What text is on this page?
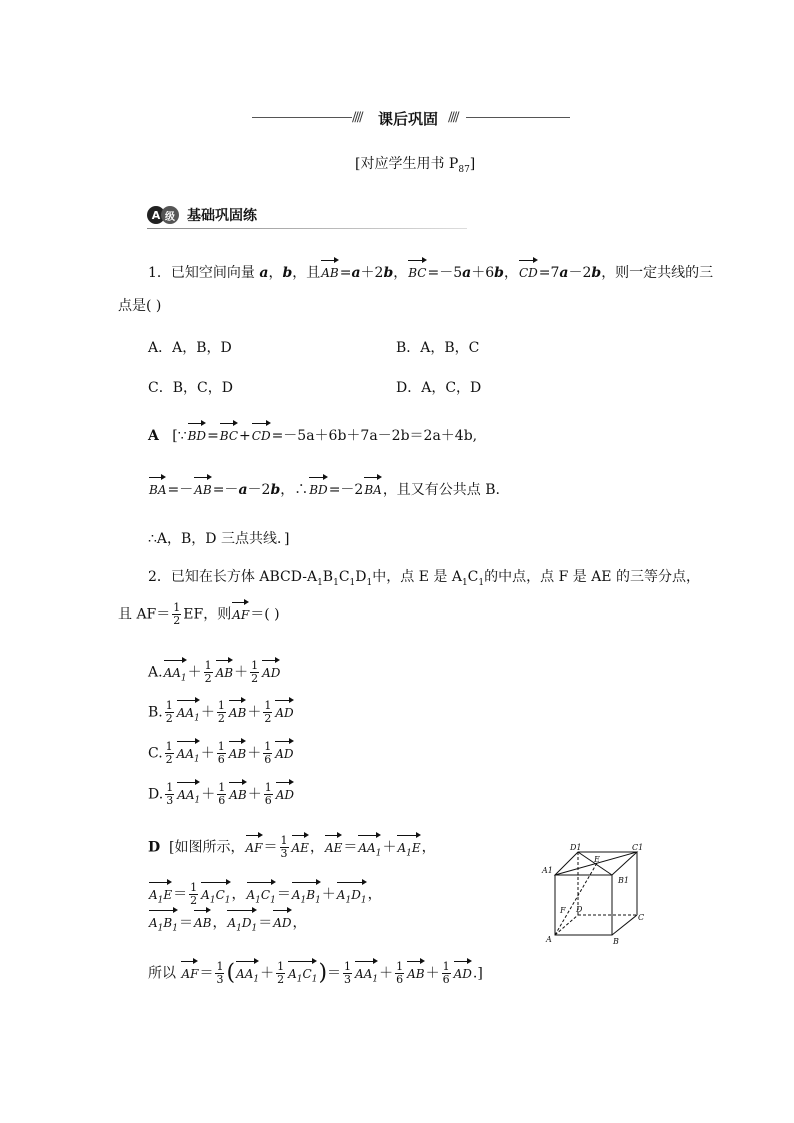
//// 课后巩固 ////
[对应学生用书 $P_{87}$]
A 级 基础巩固练
1．已知空间向量 a，b，且AB=a＋2b，BC=－5a＋6b，CD=7a－2b，则一定共线的三
点是( )
A．A，B，D	B．A，B，C
C．B，C，D	D．A，C，D
A   [∵BD=BC+CD=－5a＋6b＋7a－2b＝2a＋4b,
BA=－AB=－a－2b，∴BD=－2BA，且又有公共点 B.
∴A，B，D 三点共线．]
2．已知在长方体 ABCD-$A_1B_1C_1D_1$中，点 E 是 $A_1C_1$的中点，点 F 是 AE 的三等分点，
且 $AF= \frac{1}{2}$ EF，则AF＝( )
$A.AA_1+ \frac{1}{2} AB+ \frac{1}{2}$ AD
B. $\frac{1}{2} AA_1+ \frac{1}{2} AB+ \frac{1}{2}$ AD
C. $\frac{1}{2} AA_1+ \frac{1}{6} AB+ \frac{1}{6}$ AD
D. $\frac{1}{3} AA_1+ \frac{1}{6} AB+ \frac{1}{6}$ AD
D [如图所示，$AF= \frac{1}{3}$ AE，$AE=AA_1+A_1E$，
$A_1E= \frac{1}{2} A_1C_1$，$A_1C_1=A_1B_1+A_1D_1$，
$A_1B_1=AB$，$A_1D_1=AD$，
所以 $AF= \frac{1}{3} (AA_1+ \frac{1}{2} A_1C_1)= \frac{1}{3} AA_1+ \frac{1}{6} AB+ \frac{1}{6} AD$.]
D1
E
C1
A1
B1
F D
C
A	B
